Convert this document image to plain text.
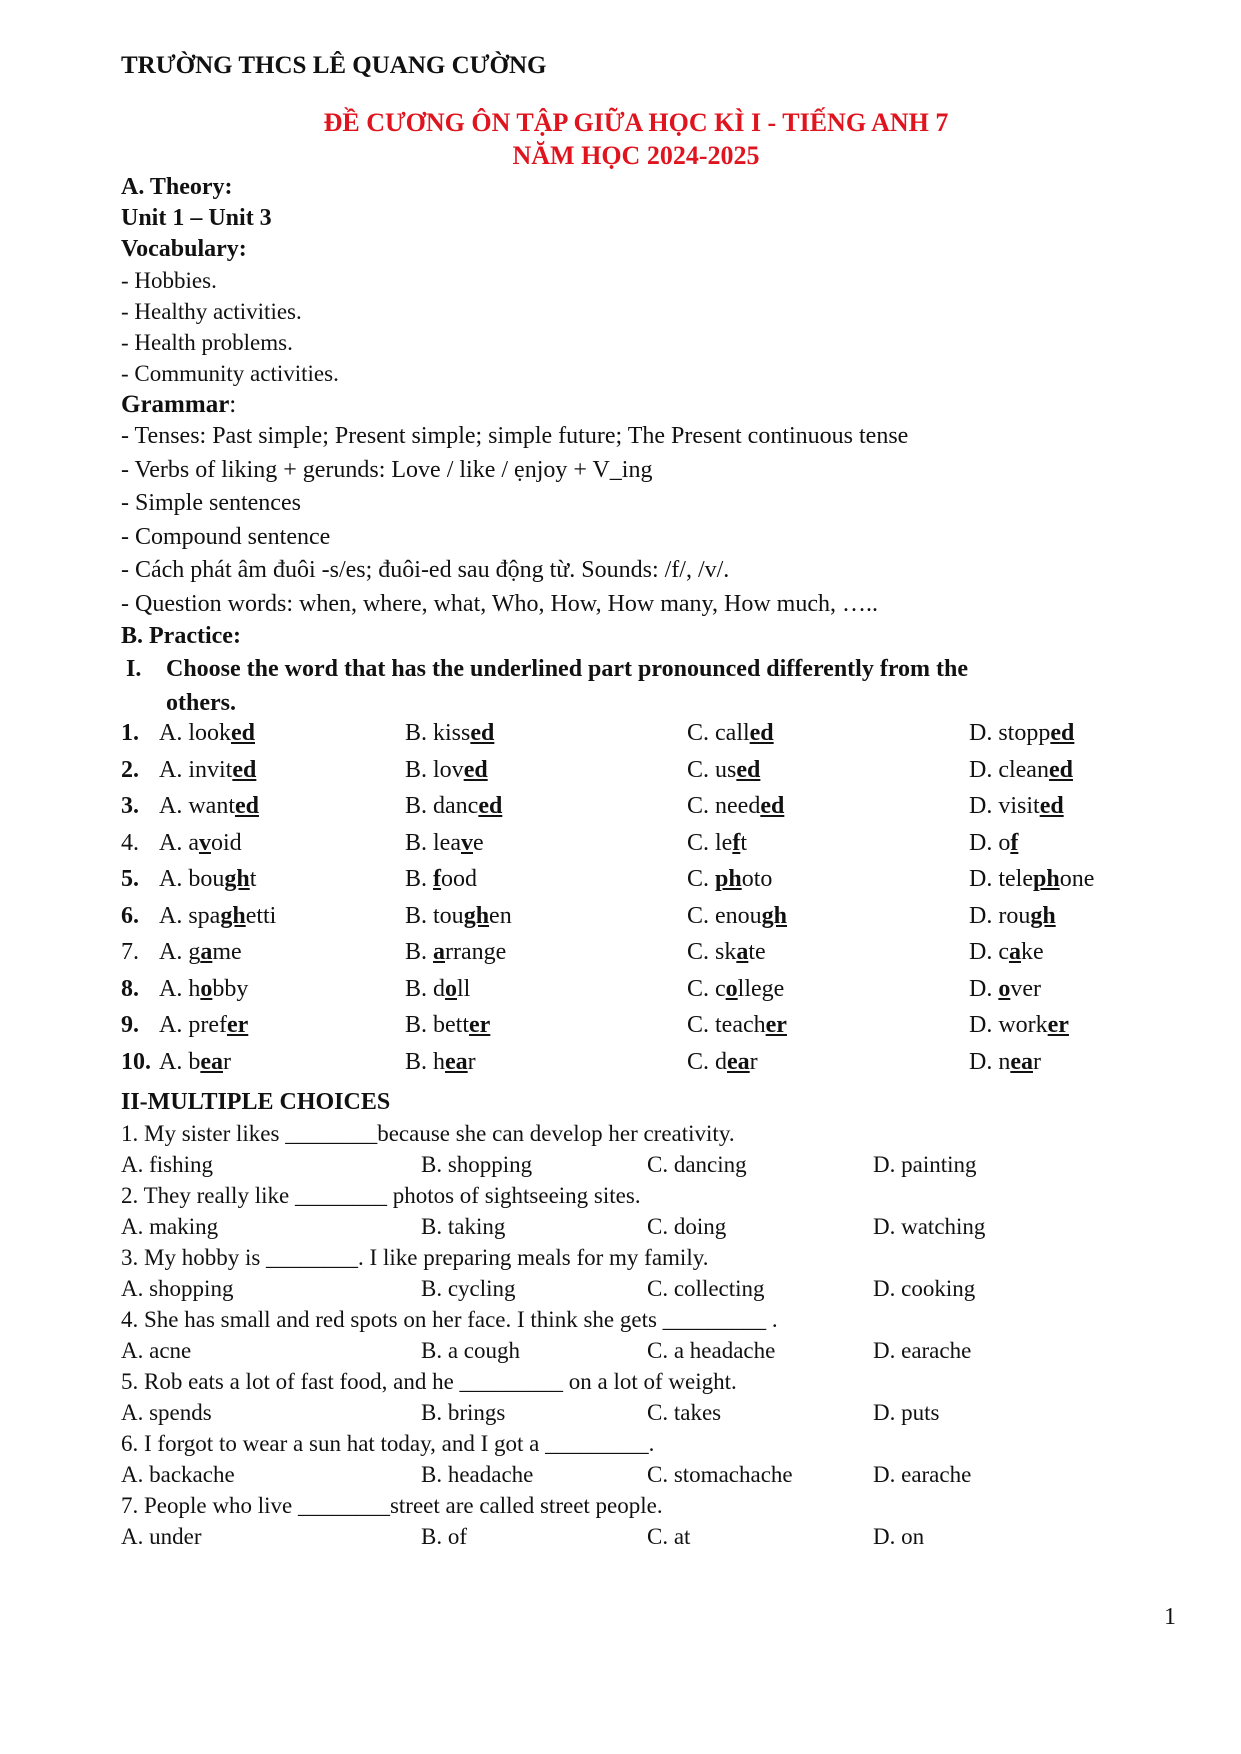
TRƯỜNG THCS LÊ QUANG CƯỜNG
ĐỀ CƯƠNG ÔN TẬP GIỮA HỌC KÌ I - TIẾNG ANH 7
NĂM HỌC 2024-2025
A. Theory:
Unit 1 – Unit 3
Vocabulary:
- Hobbies.
- Healthy activities.
- Health problems.
- Community activities.
Grammar:
- Tenses: Past simple; Present simple; simple future; The Present continuous tense
- Verbs of liking + gerunds: Love / like / ẹnjoy + V_ing
- Simple sentences
- Compound sentence
- Cách phát âm đuôi -s/es; đuôi-ed sau động từ. Sounds: /f/, /v/.
- Question words: when, where, what, Who, How, How many, How much, …..
B. Practice:
I.	Choose the word that has the underlined part pronounced differently from the
others.
1. A. looked	B. kissed	C. called	D. stopped
2. A. invited	B. loved	C. used	D. cleaned
3. A. wanted	B. danced	C. needed	D. visited
4. A. avoid	B. leave	C. left	D. of
5. A. bought	B. food	C. photo	D. telephone
6. A. spaghetti	B. toughen	C. enough	D. rough
7. A. game	B. arrange	C. skate	D. cake
8. A. hobby	B. doll	C. college	D. over
9. A. prefer	B. better	C. teacher	D. worker
10. A. bear	B. hear	C. dear	D. near
II-MULTIPLE CHOICES
1. My sister likes ________because she can develop her creativity.
A. fishing	B. shopping	C. dancing	D. painting
2. They really like ________ photos of sightseeing sites.
A. making	B. taking	C. doing	D. watching
3. My hobby is ________. I like preparing meals for my family.
A. shopping	B. cycling	C. collecting	D. cooking
4. She has small and red spots on her face. I think she gets _________ .
A. acne	B. a cough	C. a headache	D. earache
5. Rob eats a lot of fast food, and he _________ on a lot of weight.
A. spends	B. brings	C. takes	D. puts
6. I forgot to wear a sun hat today, and I got a _________.
A. backache	B. headache	C. stomachache	D. earache
7. People who live ________street are called street people.
A. under	B. of	C. at	D. on
1
